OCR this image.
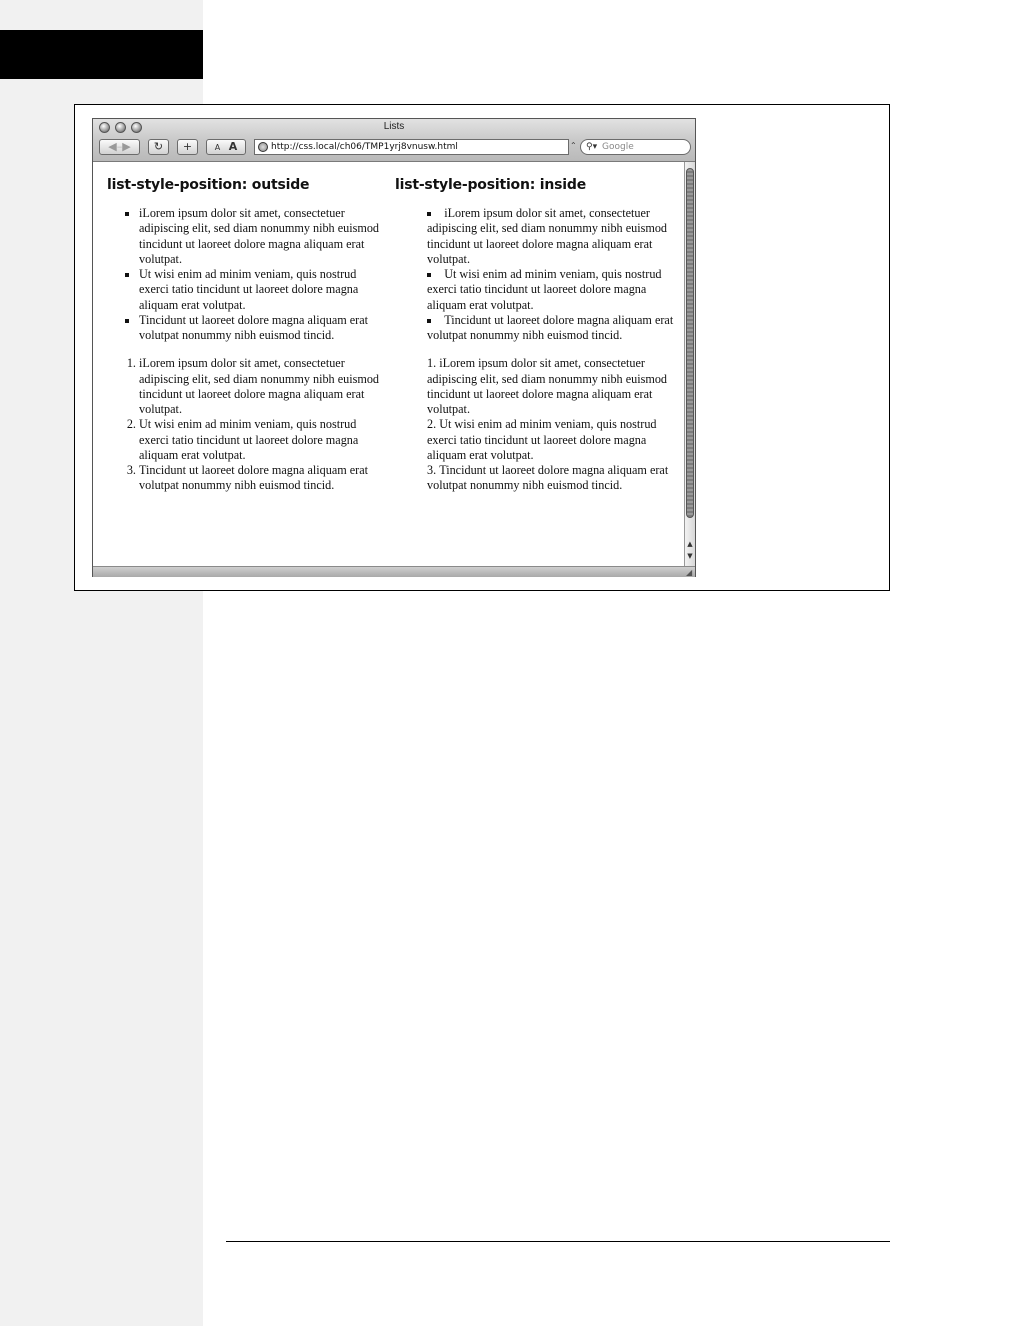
Lists
◀–▶	↻	+	A A	http://css.local/ch06/TMP1yrj8vnusw.html	⌃ ⚲▾ Google
list-style-position: outside
▪ iLorem ipsum dolor sit amet, consectetuer adipiscing elit, sed diam nonummy nibh euismod tincidunt ut laoreet dolore magna aliquam erat volutpat.
▪ Ut wisi enim ad minim veniam, quis nostrud exerci tatio tincidunt ut laoreet dolore magna aliquam erat volutpat.
▪ Tincidunt ut laoreet dolore magna aliquam erat volutpat nonummy nibh euismod tincid.
1. iLorem ipsum dolor sit amet, consectetuer adipiscing elit, sed diam nonummy nibh euismod tincidunt ut laoreet dolore magna aliquam erat volutpat.
2. Ut wisi enim ad minim veniam, quis nostrud exerci tatio tincidunt ut laoreet dolore magna aliquam erat volutpat.
3. Tincidunt ut laoreet dolore magna aliquam erat volutpat nonummy nibh euismod tincid.
list-style-position: inside
▪ iLorem ipsum dolor sit amet, consectetuer adipiscing elit, sed diam nonummy nibh euismod tincidunt ut laoreet dolore magna aliquam erat volutpat.
▪ Ut wisi enim ad minim veniam, quis nostrud exerci tatio tincidunt ut laoreet dolore magna aliquam erat volutpat.
▪ Tincidunt ut laoreet dolore magna aliquam erat volutpat nonummy nibh euismod tincid.
1. iLorem ipsum dolor sit amet, consectetuer adipiscing elit, sed diam nonummy nibh euismod tincidunt ut laoreet dolore magna aliquam erat volutpat.
2. Ut wisi enim ad minim veniam, quis nostrud exerci tatio tincidunt ut laoreet dolore magna aliquam erat volutpat.
3. Tincidunt ut laoreet dolore magna aliquam erat volutpat nonummy nibh euismod tincid.
▲
▼
◢
